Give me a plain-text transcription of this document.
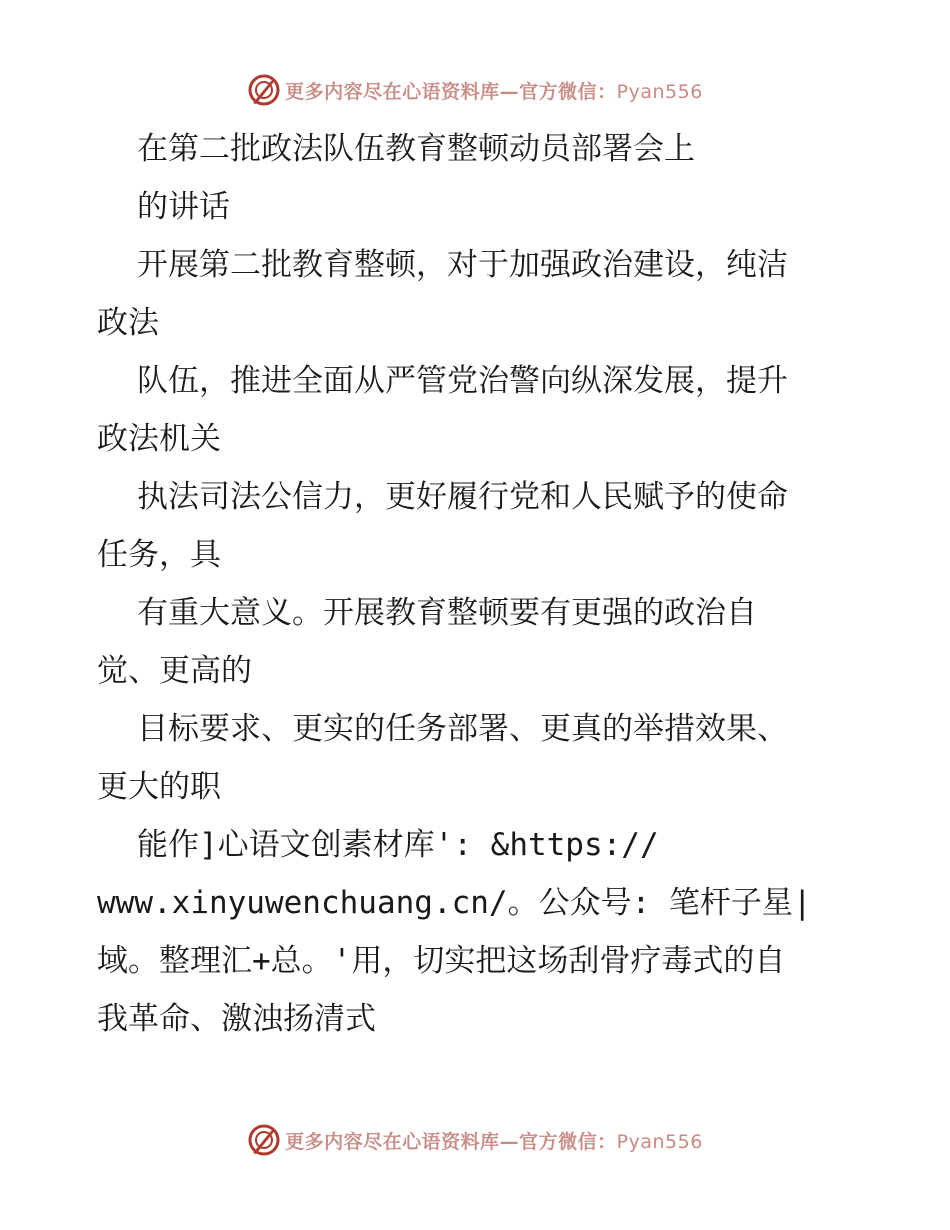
更多内容尽在心语资料库—官方微信：Pyan556
在第二批政法队伍教育整顿动员部署会上
的讲话
开展第二批教育整顿，对于加强政治建设，纯洁
政法
队伍，推进全面从严管党治警向纵深发展，提升
政法机关
执法司法公信力，更好履行党和人民赋予的使命
任务，具
有重大意义。开展教育整顿要有更强的政治自
觉、更高的
目标要求、更实的任务部署、更真的举措效果、
更大的职
能作]心语文创素材库': &https://
www.xinyuwenchuang.cn/。公众号: 笔杆子星|
域。整理汇+总。'用，切实把这场刮骨疗毒式的自
我革命、激浊扬清式
更多内容尽在心语资料库—官方微信：Pyan556
